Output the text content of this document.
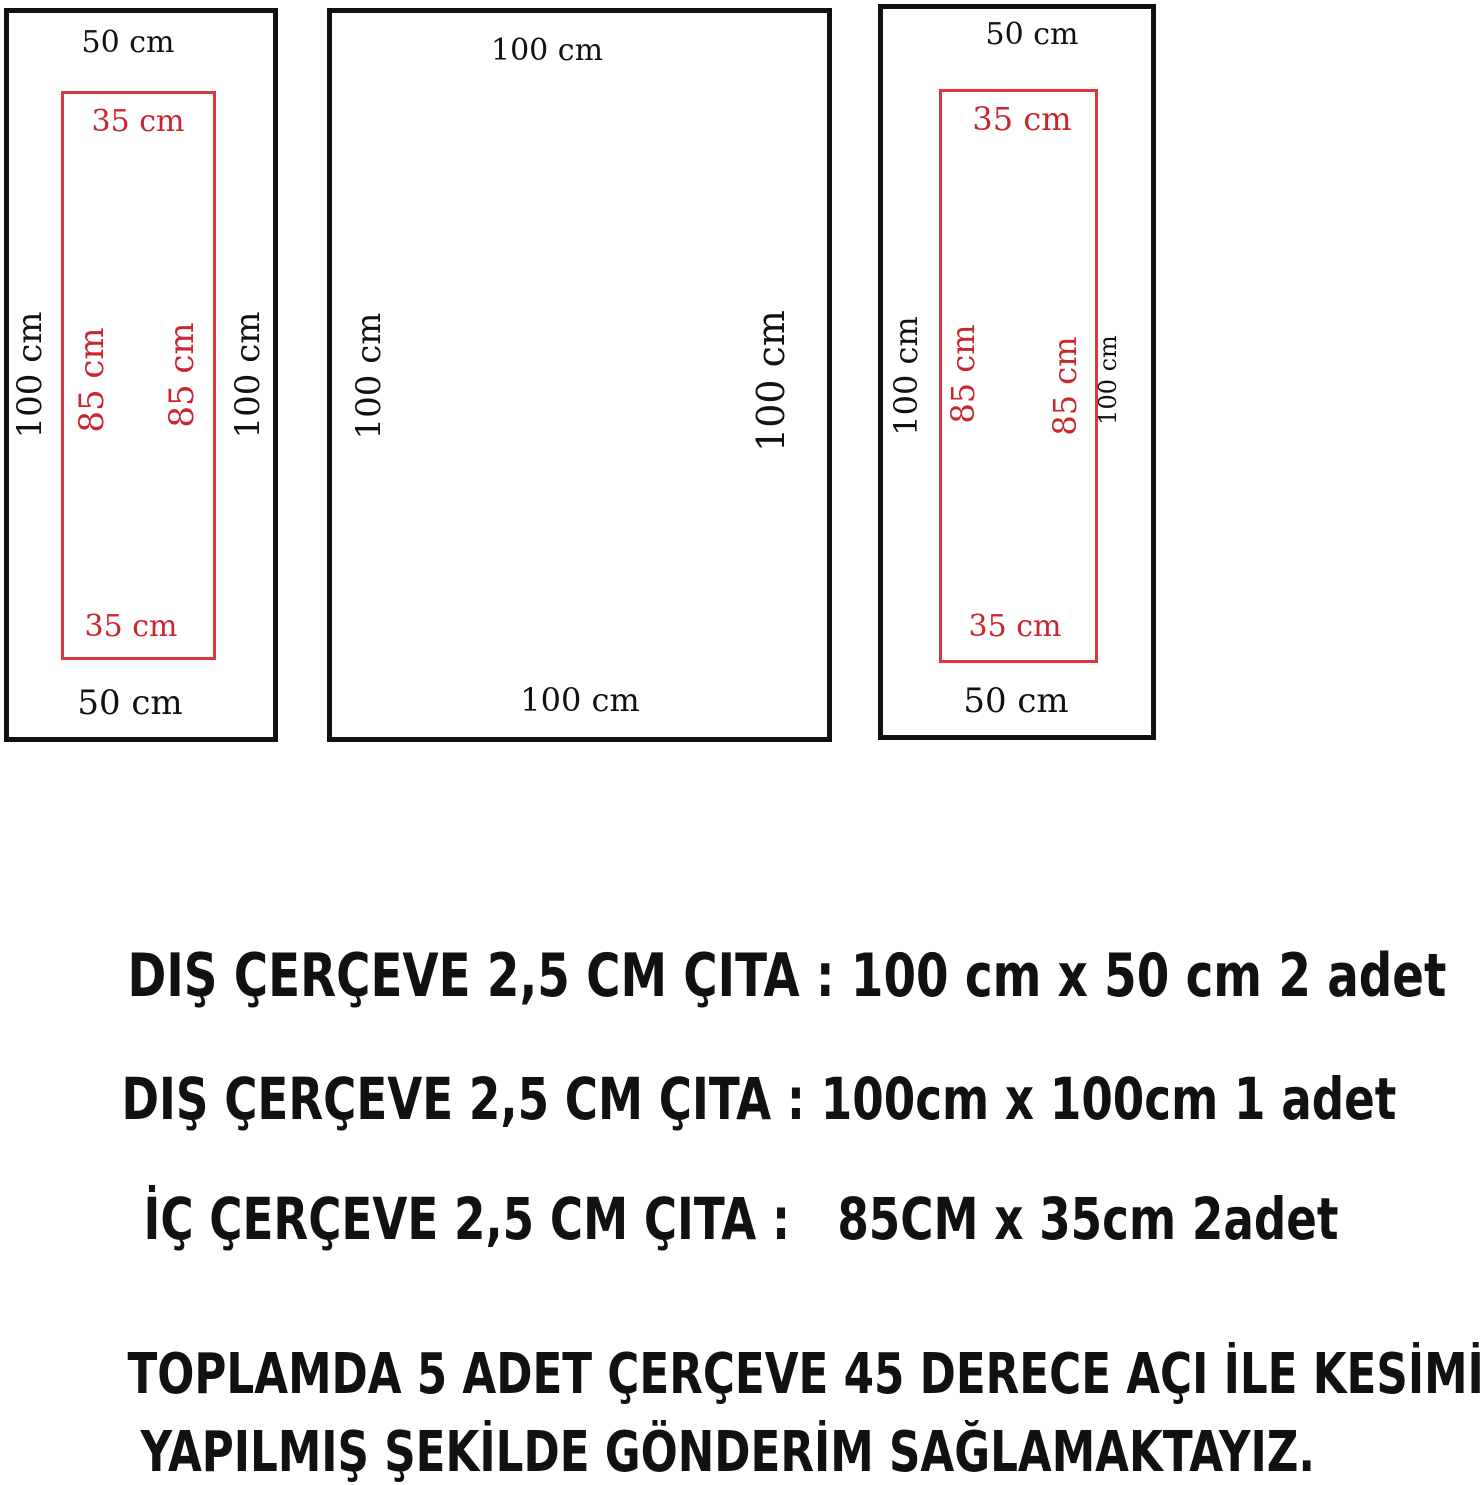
50 cm
50 cm
100 cm	100 cm
35 cm
35 cm
85 cm 85 cm
100 cm
100 cm
100 cm	100 cm
50 cm
50 cm
100 cm	100 cm
35 cm
35 cm
85 cm 85 cm
DIŞ ÇERÇEVE 2,5 CM ÇITA : 100 cm x 50 cm 2 adet
DIŞ ÇERÇEVE 2,5 CM ÇITA : 100cm x 100cm 1 adet
İÇ ÇERÇEVE 2,5 CM ÇITA :   85CM x 35cm 2adet
TOPLAMDA 5 ADET ÇERÇEVE 45 DERECE AÇI İLE KESİMİ
YAPILMIŞ ŞEKİLDE GÖNDERİM SAĞLAMAKTAYIZ.
